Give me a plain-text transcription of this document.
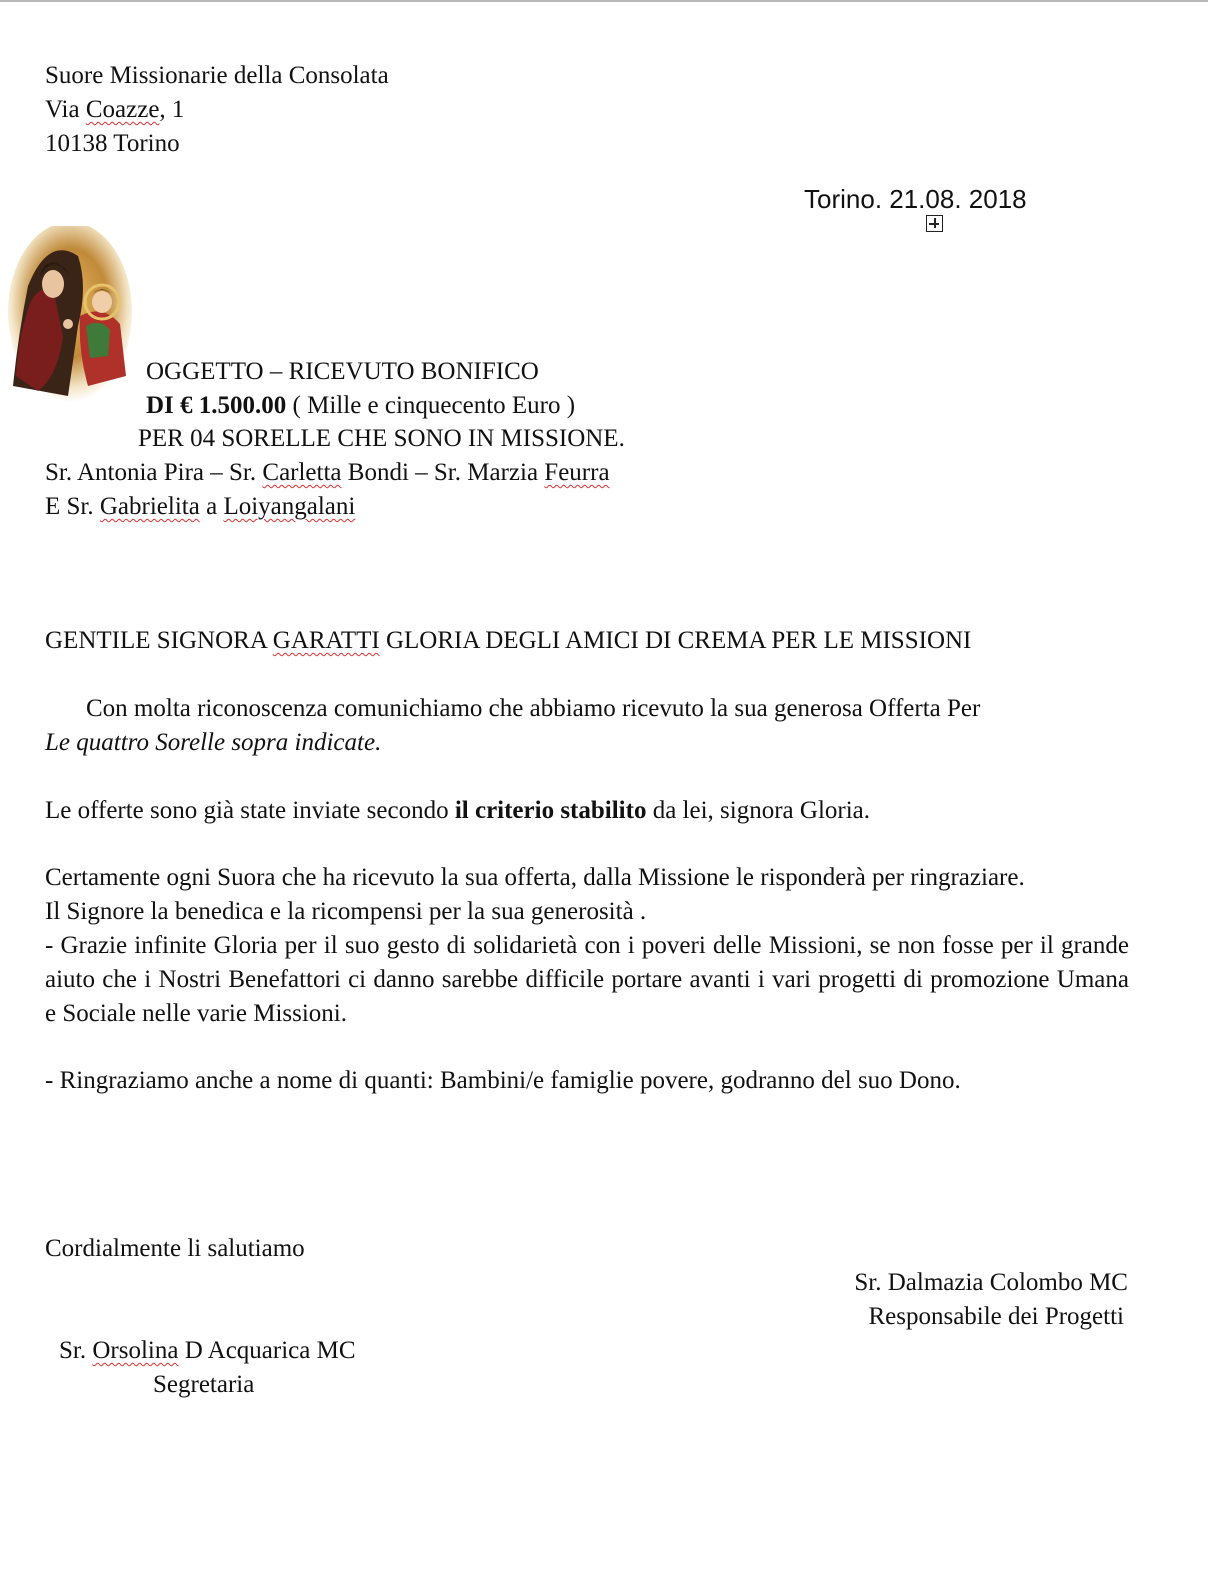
Suore Missionarie della Consolata

Via Coazze, 1

10138 Torino

Torino. 21.08. 2018

OGGETTO – RICEVUTO BONIFICO

DI € 1.500.00 ( Mille e cinquecento Euro )

PER 04 SORELLE CHE SONO IN MISSIONE.

Sr. Antonia Pira – Sr. Carletta Bondi – Sr. Marzia Feurra

E Sr. Gabrielita a Loiyangalani

GENTILE SIGNORA GARATTI GLORIA DEGLI AMICI DI CREMA PER LE MISSIONI

Con molta riconoscenza comunichiamo che abbiamo ricevuto la sua generosa Offerta Per

Le quattro Sorelle sopra indicate.

Le offerte sono già state inviate secondo il criterio stabilito da lei, signora Gloria.

Certamente ogni Suora che ha ricevuto la sua offerta, dalla Missione le risponderà per ringraziare.

Il Signore la benedica e la ricompensi per la sua generosità .

- Grazie infinite Gloria per il suo gesto di solidarietà con i poveri delle Missioni, se non fosse per il grande aiuto che i Nostri Benefattori ci danno sarebbe difficile portare avanti i vari progetti di promozione Umana e Sociale nelle varie Missioni.

- Ringraziamo anche a nome di quanti: Bambini/e famiglie povere, godranno del suo Dono.

Cordialmente li salutiamo

Sr. Dalmazia Colombo MC

Responsabile dei Progetti

Sr. Orsolina D Acquarica MC

Segretaria
